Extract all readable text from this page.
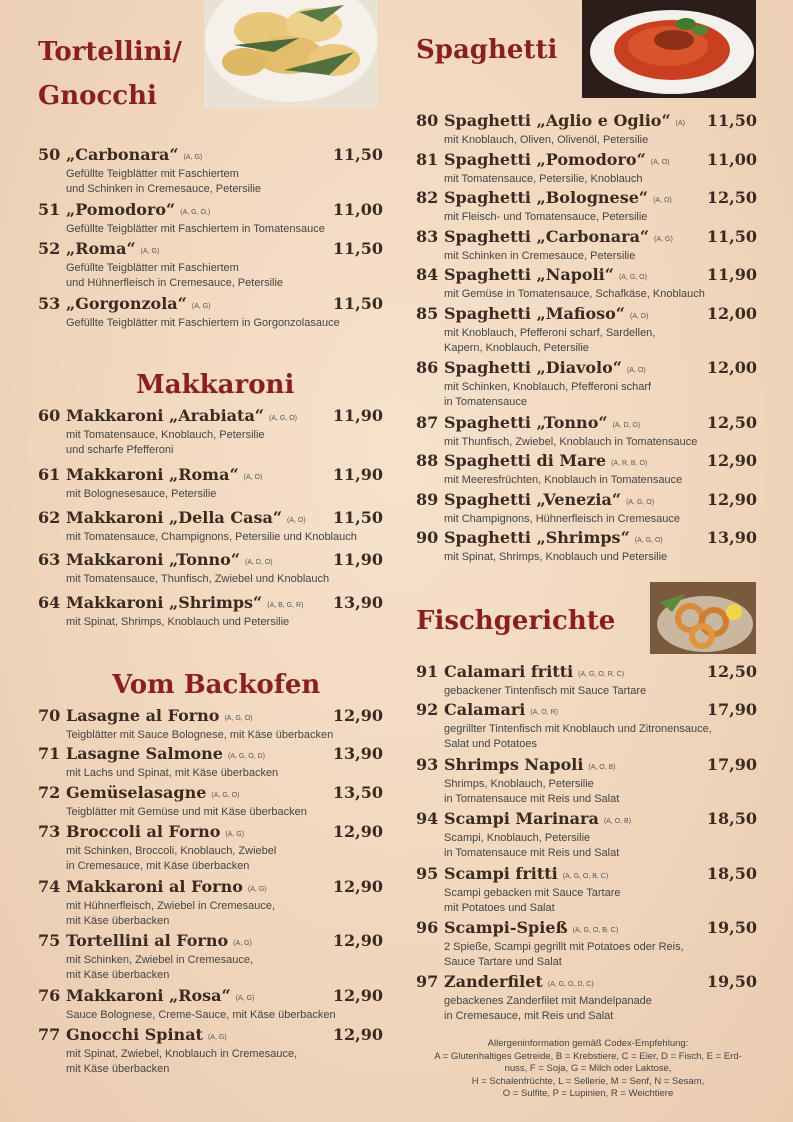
Tortellini/
Gnocchi
50 „Carbonara“ (A, G)	11,50
Gefüllte Teigblätter mit Faschiertem
und Schinken in Cremesauce, Petersilie
51 „Pomodoro“ (A, G, O,)	11,00
Gefüllte Teigblätter mit Faschiertem in Tomatensauce
52 „Roma“ (A, G)	11,50
Gefüllte Teigblätter mit Faschiertem
und Hühnerfleisch in Cremesauce, Petersilie
53 „Gorgonzola“ (A, G)	11,50
Gefüllte Teigblätter mit Faschiertem in Gorgonzolasauce
Makkaroni
60 Makkaroni „Arabiata“ (A, G, O) 11,90
mit Tomatensauce, Knoblauch, Petersilie
und scharfe Pfefferoni
61 Makkaroni „Roma“ (A, O)	11,90
mit Bolognesesauce, Petersilie
62 Makkaroni „Della Casa“ (A, O) 11,50
mit Tomatensauce, Champignons, Petersilie und Knoblauch
63 Makkaroni „Tonno“ (A, D, O)	11,90
mit Tomatensauce, Thunfisch, Zwiebel und Knoblauch
64 Makkaroni „Shrimps“ (A, B, G, R) 13,90
mit Spinat, Shrimps, Knoblauch und Petersilie
Vom Backofen
70 Lasagne al Forno (A, G, O)	12,90
Teigblätter mit Sauce Bolognese, mit Käse überbacken
71 Lasagne Salmone (A, G, O, D)	13,90
mit Lachs und Spinat, mit Käse überbacken
72 Gemüselasagne (A, G, O)	13,50
Teigblätter mit Gemüse und mit Käse überbacken
73 Broccoli al Forno (A, G)	12,90
mit Schinken, Broccoli, Knoblauch, Zwiebel
in Cremesauce, mit Käse überbacken
74 Makkaroni al Forno (A, G)	12,90
mit Hühnerfleisch, Zwiebel in Cremesauce,
mit Käse überbacken
75 Tortellini al Forno (A, G)	12,90
mit Schinken, Zwiebel in Cremesauce,
mit Käse überbacken
76 Makkaroni „Rosa“ (A, G)	12,90
Sauce Bolognese, Creme-Sauce, mit Käse überbacken
77 Gnocchi Spinat (A, G)	12,90
mit Spinat, Zwiebel, Knoblauch in Cremesauce,
mit Käse überbacken
Spaghetti
80 Spaghetti „Aglio e Oglio“ (A) 11,50
mit Knoblauch, Oliven, Olivenöl, Petersilie
81 Spaghetti „Pomodoro“ (A, O) 11,00
mit Tomatensauce, Petersilie, Knoblauch
82 Spaghetti „Bolognese“ (A, O) 12,50
mit Fleisch- und Tomatensauce, Petersilie
83 Spaghetti „Carbonara“ (A, G) 11,50
mit Schinken in Cremesauce, Petersilie
84 Spaghetti „Napoli“ (A, G, O)	11,90
mit Gemüse in Tomatensauce, Schafkäse, Knoblauch
85 Spaghetti „Mafioso“ (A, D)	12,00
mit Knoblauch, Pfefferoni scharf, Sardellen,
Kapern, Knoblauch, Petersilie
86 Spaghetti „Diavolo“ (A, O)	12,00
mit Schinken, Knoblauch, Pfefferoni scharf
in Tomatensauce
87 Spaghetti „Tonno“ (A, D, O)	12,50
mit Thunfisch, Zwiebel, Knoblauch in Tomatensauce
88 Spaghetti di Mare (A, R, B, O)	12,90
mit Meeresfrüchten, Knoblauch in Tomatensauce
89 Spaghetti „Venezia“ (A, G, O)	12,90
mit Champignons, Hühnerfleisch in Cremesauce
90 Spaghetti „Shrimps“ (A, G, O)	13,90
mit Spinat, Shrimps, Knoblauch und Petersilie
Fischgerichte
91 Calamari fritti (A, G, O, R, C)	12,50
gebackener Tintenfisch mit Sauce Tartare
92 Calamari (A, O, R)	17,90
gegrillter Tintenfisch mit Knoblauch und Zitronensauce,
Salat und Potatoes
93 Shrimps Napoli (A, O, B)	17,90
Shrimps, Knoblauch, Petersilie
in Tomatensauce mit Reis und Salat
94 Scampi Marinara (A, O, B)	18,50
Scampi, Knoblauch, Petersilie
in Tomatensauce mit Reis und Salat
95 Scampi fritti (A, G, O, B, C)	18,50
Scampi gebacken mit Sauce Tartare
mit Potatoes und Salat
96 Scampi-Spieß (A, G, O, B, C)	19,50
2 Spieße, Scampi gegrillt mit Potatoes oder Reis,
Sauce Tartare und Salat
97 Zanderfilet (A, G, O, D, C)	19,50
gebackenes Zanderfilet mit Mandelpanade
in Cremesauce, mit Reis und Salat
Allergeninformation gemäß Codex-Empfehlung:
A = Glutenhaltiges Getreide, B = Krebstiere, C = Eier, D = Fisch, E = Erd-
nuss, F = Soja, G = Milch oder Laktose,
H = Schalenfrüchte, L = Sellerie, M = Senf, N = Sesam,
O = Sulfite, P = Lupinien, R = Weichtiere
